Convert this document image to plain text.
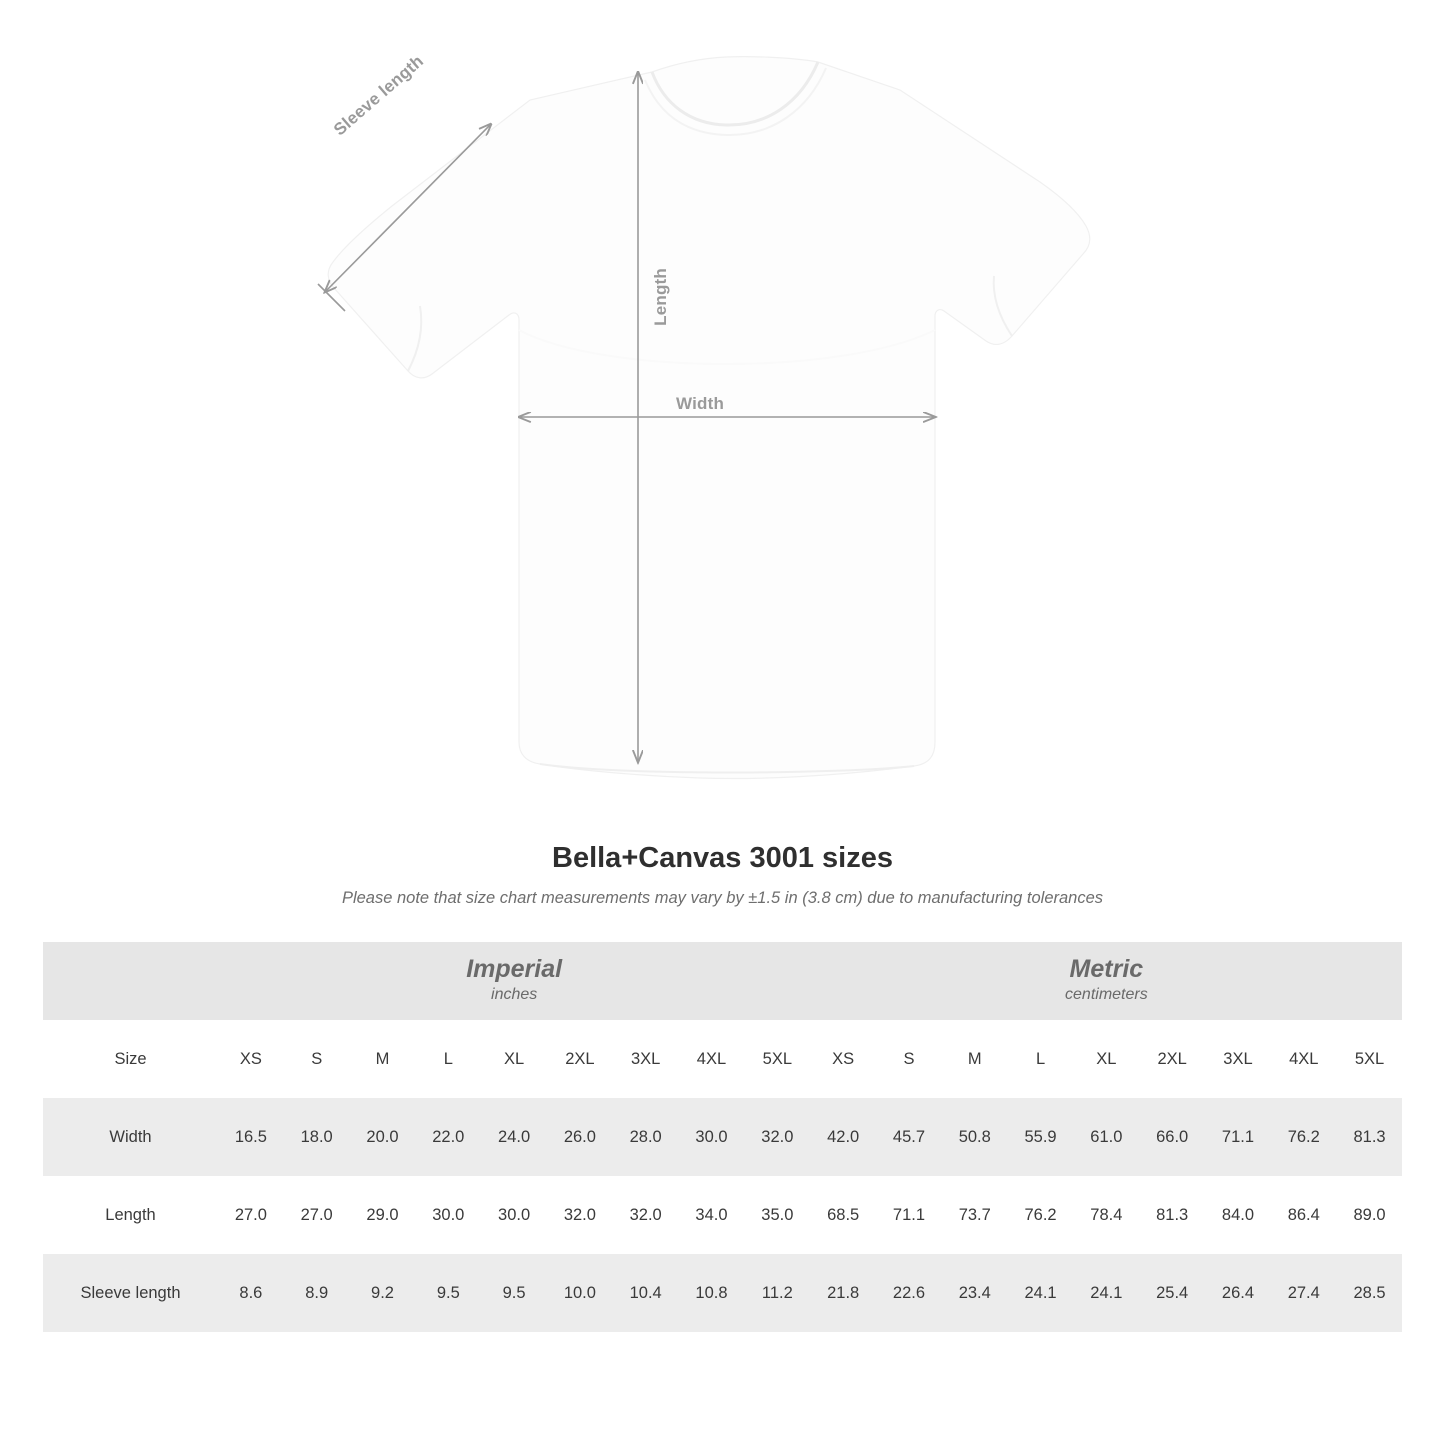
Length
Width
Sleeve length
Bella+Canvas 3001 sizes

Please note that size chart measurements may vary by ±1.5 in (3.8 cm) due to manufacturing tolerances

Imperial
inches

Metric
centimeters

Size	XS	S	M	L	XL	2XL	3XL	4XL	5XL	XS	S	M	L	XL	2XL	3XL	4XL	5XL
Width	16.5	18.0	20.0	22.0	24.0	26.0	28.0	30.0	32.0	42.0	45.7	50.8	55.9	61.0	66.0	71.1	76.2	81.3
Length	27.0	27.0	29.0	30.0	30.0	32.0	32.0	34.0	35.0	68.5	71.1	73.7	76.2	78.4	81.3	84.0	86.4	89.0
Sleeve length	8.6	8.9	9.2	9.5	9.5	10.0	10.4	10.8	11.2	21.8	22.6	23.4	24.1	24.1	25.4	26.4	27.4	28.5
